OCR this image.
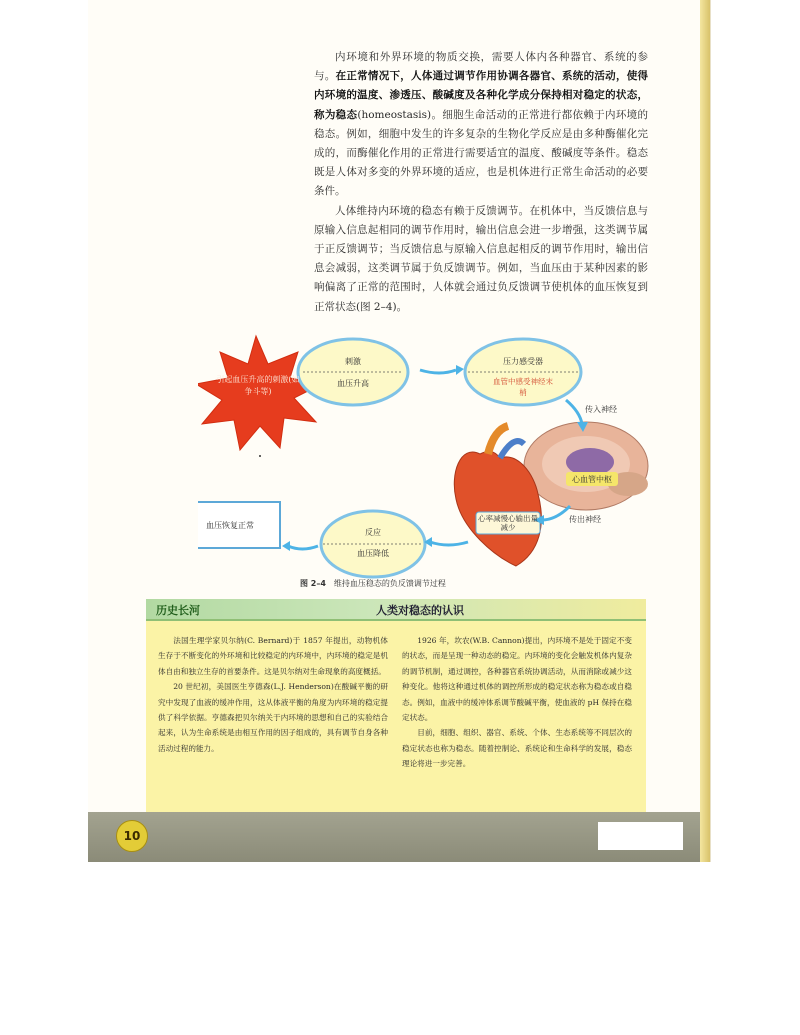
内环境和外界环境的物质交换，需要人体内各种器官、系统的参与。在正常情况下，人体通过调节作用协调各器官、系统的活动，使得内环境的温度、渗透压、酸碱度及各种化学成分保持相对稳定的状态，称为稳态(homeostasis)。细胞生命活动的正常进行都依赖于内环境的稳态。例如，细胞中发生的许多复杂的生物化学反应是由多种酶催化完成的，而酶催化作用的正常进行需要适宜的温度、酸碱度等条件。稳态既是人体对多变的外界环境的适应，也是机体进行正常生命活动的必要条件。

人体维持内环境的稳态有赖于反馈调节。在机体中，当反馈信息与原输入信息起相同的调节作用时，输出信息会进一步增强，这类调节属于正反馈调节；当反馈信息与原输入信息起相反的调节作用时，输出信息会减弱，这类调节属于负反馈调节。例如，当血压由于某种因素的影响偏离了正常的范围时，人体就会通过负反馈调节使机体的血压恢复到正常状态(图 2–4)。

引起血压升高的刺激(如争斗等)
刺激
血压升高
压力感受器
血管中感受神经末梢
传入神经
心血管中枢
传出神经
心率减慢心输出量减少
反应
血压降低
血压恢复正常
图 2–4 维持血压稳态的负反馈调节过程
历史长河	人类对稳态的认识

法国生理学家贝尔纳(C. Bernard)于 1857 年提出，动物机体生存于不断变化的外环境和比较稳定的内环境中，内环境的稳定是机体自由和独立生存的首要条件。这是贝尔纳对生命现象的高度概括。

20 世纪初，美国医生亨德森(L.J. Henderson)在酸碱平衡的研究中发现了血液的缓冲作用，这从体液平衡的角度为内环境的稳定提供了科学依据。亨德森把贝尔纳关于内环境的思想和自己的实验结合起来，认为生命系统是由相互作用的因子组成的，具有调节自身各种活动过程的能力。

1926 年，坎农(W.B. Cannon)提出，内环境不是处于固定不变的状态，而是呈现一种动态的稳定。内环境的变化会触发机体内复杂的调节机制，通过调控，各种器官系统协调活动，从而消除或减少这种变化。他将这种通过机体的调控所形成的稳定状态称为稳态或自稳态。例如，血液中的缓冲体系调节酸碱平衡，使血液的 pH 保持在稳定状态。

目前，细胞、组织、器官、系统、个体、生态系统等不同层次的稳定状态也称为稳态。随着控制论、系统论和生命科学的发展，稳态理论将进一步完善。

10
